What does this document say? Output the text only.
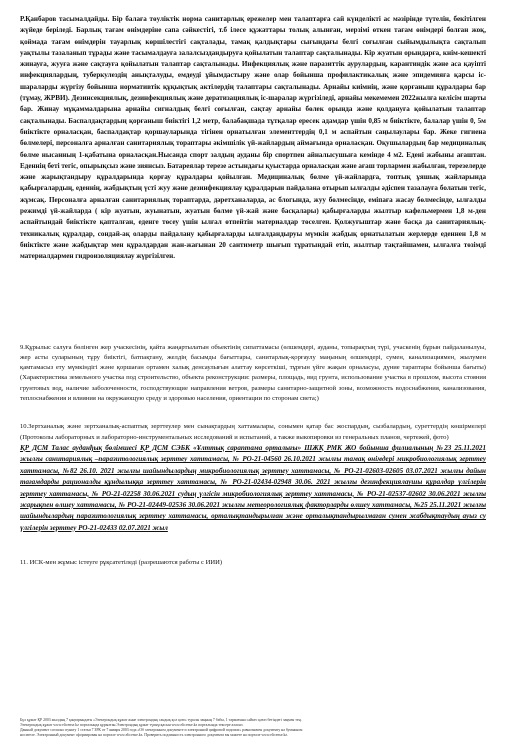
Р.Қанбаров тасымалдайды. Бір балаға төуліктік норма санитарлық ережелер мен талаптарға сай күнделікті ас мәзірінде түтелін, бекітілген жүйеде беріледі. Барлық тағам өнімдеріне сапа сәйкестігі, т.б ілесе құжаттары толық алынған, мерзімі өткен тағам өнімдері болған жоқ, қоймада тағам өнімдерін тауарлық көршілестігі сақталады, тамақ қалдықтары сығындағы белгі соғылған сыйымдылықта сақталып уақтылы тазаланып тұрады және тасымалдауға залалсыздандыруға қойылатын талаптар сақталынады. Кір жуатын орындарға, кнім-кешекті жинауға, жууға және сақтауға қойылатын талаптар сақталынады. Инфекциялық және паразиттік аурулардың, карантиндік және аса қауіпті инфекциялардың, туберкулездің анықталуды, емдеуді ұйымдастыру және олар бойынша профилактикалық және эпидемияға қарсы іс-шараларды жүргізу бойынша нормативтік құқықтық актілердің талаптары сақталынады. Арнайы киімнің, және қорғаныш құралдары бар (тұмау, ЖРВИ). Дезинсекциялық, дезинфекциялық және дератизациялық іс-шаралар жүргізіледі, арнайы мекемемен 2022жылға келісім шарты бар. Жинау мұқаммалдарына арнайы сигналдық белгі соғылған, сақтау арнайы бөлек орында және қолдануға қойылатын талаптар сақталынады. Баспалдақтардың қорғаныш биіктігі 1,2 метр, балабақшада тұтқалар ересек адамдар үшін 0,85 м биіктікте, балалар үшін 0, 5м биіктікте орналасқан, баспалдақтар қоршауларында тігінен орнатылған элементтердің 0,1 м аспайтын саңылаулары бар. Жеке гигиена бөлмелері, персоналға арналған санитариялық тораптары әкімшілік үй-жайлардың аймағында орналасқан. Оқушылардың бар медициналық бөлме нысанның 1-қабатына орналасқан.Нысанда спорт залдың ауданы бір спортпен айналысушыға кемінде 4 м2. Еденi жабыны ағаштан. Еденнің беті тегіс, опырықсыз және зиянсыз. Батареялар терезе астындағы қуыстарда орналасқан және ағаш торлармен жабылған, терезелерде және жарықтандыру құралдарында қорғау құралдары қойылған. Медициналық бөлме үй-жайлардға, топтық ұяшық жайларында қабырғалардың, еденнің, жабдықтың үсті жуу және дезинфекциялау құралдарын пайдалана отырып ылғалды әдіспен тазалауға болатын тегіс, жұмсақ. Персоналға арналған санитариялық тораптарда, дәретханаларда, ас блогында, жуу бөлмесінде, еміпаға жасау бөлмесінде, ылғалды режимді үй-жайларда ( кір жуатын, жуынатын, жуатын бөлме үй-жай және басқалары) қабырғаларды жылтыр кафельмермен 1,8 м-ден аспайтындай биіктікте қапталған, еденге төсеу үшін ылғал өтпейтін материалдар төселген. Қолжуғыштар және басқа да санитариялық-техникалық құралдар, сондай-ақ оларды пайдалану қабырғаларды ылғалдандыруы мүмкін жабдық орнатылатын жерлерде еденнен 1,8 м биіктікте және жабдықтар мен құралдардан жан-жағынан 20 сантиметр шығып тұратындай етіп, жылтыр тақтайшамен, ылғалға төзімді материалдармен гидроизоляциялау жүргізілген.

9.Құрылыс салуға бөлінген жер учаскесінің, қайта жаңартылатын объектінің сипаттамасы (өлшемдері, ауданы, топырақтың түрі, учаскенің бұрын пайдаланылуы, жер асты суларының тұру биіктігі, батпақтану, желдің басымды бағыттары, санитарлық-қорғаулу маңының өлшемдері, сумен, канализациямен, жылумен қамтамасыз ету мүмкіндігі және қоршаған ортамен халық денсаулығын алаттау көрсеткіші, тұрғын үйге жақын орналасуы, дүние тараптары бойынша бағыты) (Характеристика земельного участка под строительство, объекта реконструкции: размеры, площадь, вид грунта, использование участка в прошлом, высота стояния грунтовых вод, наличие заболоченности, господствующие направления ветров, размеры санитарно-защитной зоны, возможность водоснабжения, канализования, теплоснабжения и влияния на окружающую среду и здоровью населения, ориентации по сторонам света;)

10.Зертханалық және зертханалық-аспаптық зерттеулер мен сынақтардың хаттамалары, сонымен қатар бас жоспардың, сызбалардың, суреттердің көшірмелері (Протоколы лабораторных и лабораторно-инструментальных исследований и испытаний, а также выкопировки из генеральных планов, чертежей, фото)

ҚР ДСМ Талас ауданђық бөлімшесі ҚР ДСМ СЭБК «Ұлттық сараптама орталығы» ШЖҚ РМК ЖО бойынша филиалының №23 25.11.2021 жылғы санитариялық –паразитологиялық зерттеу хаттамасы, № РО-21-04560 26.10.2021 жылғы тамақ өнімдері микробиологиялық зерттеу хаттамасы, №82 26.10. 2021 жылғы шайындылардың микробиологиялық зерттеу хаттамасы, № РО-21-02603-02605 03.07.2021 жылғы дайын тағамдарды рационалды құндылыққа зерттеу хаттамасы, № РО-21-02434-02948 30.06. 2021 жылғы дезинфекциялаушы құралдар үлгілерін зерттеу хаттамасы, № РО-21-02258 30.06.2021 судың үлгісін микробиологиялық зерттеу хаттамасы, № РО-21-02537-02602 30.06.2021 жылғы жарықпен өлшеу хаттамасы, № РО-21-02449-02536 30.06.2021 жылғы метеорологиялық факторларды өлшеу хаттамасы, №25 25.11.2021 жылғы шайындылардың паразитологиялық зерттеу хаттамасы, орталықтандырылған және орталықтандырылмаған сумен жабдықтаудың ауыз су үлгілерін зерттеу РО-21-02433 02.07.2021 жыл

11. ИСК-мен жұмыс істеуге рұқсатетіледі (разрешаются работы с ИИИ)

Бұл құжат ҚР 2003 жылдың 7 қаңтарындағы «Электрондық құжат және электрондық сандық қол қою» туралы заңның 7 бабы, 1 тармағына сәйкес қағаз бетіндегі заңмен тең.

Электрондық құжат www.elicense.kz порталында құрылған.Электрондық құжат түпнұсқасын www.elicense.kz порталында тексере аласыз.

Данный документ согласно пункту 1 статьи 7 ЗРК от 7 января 2003 года «Об электронном документе и электронной цифровой подписи» равнозначен документу на бумажном

носителе. Электронный документ сформирован на портале www.elicense.kz. Проверить подлинность электронного документа вы можете на портале www.elicense.kz.
